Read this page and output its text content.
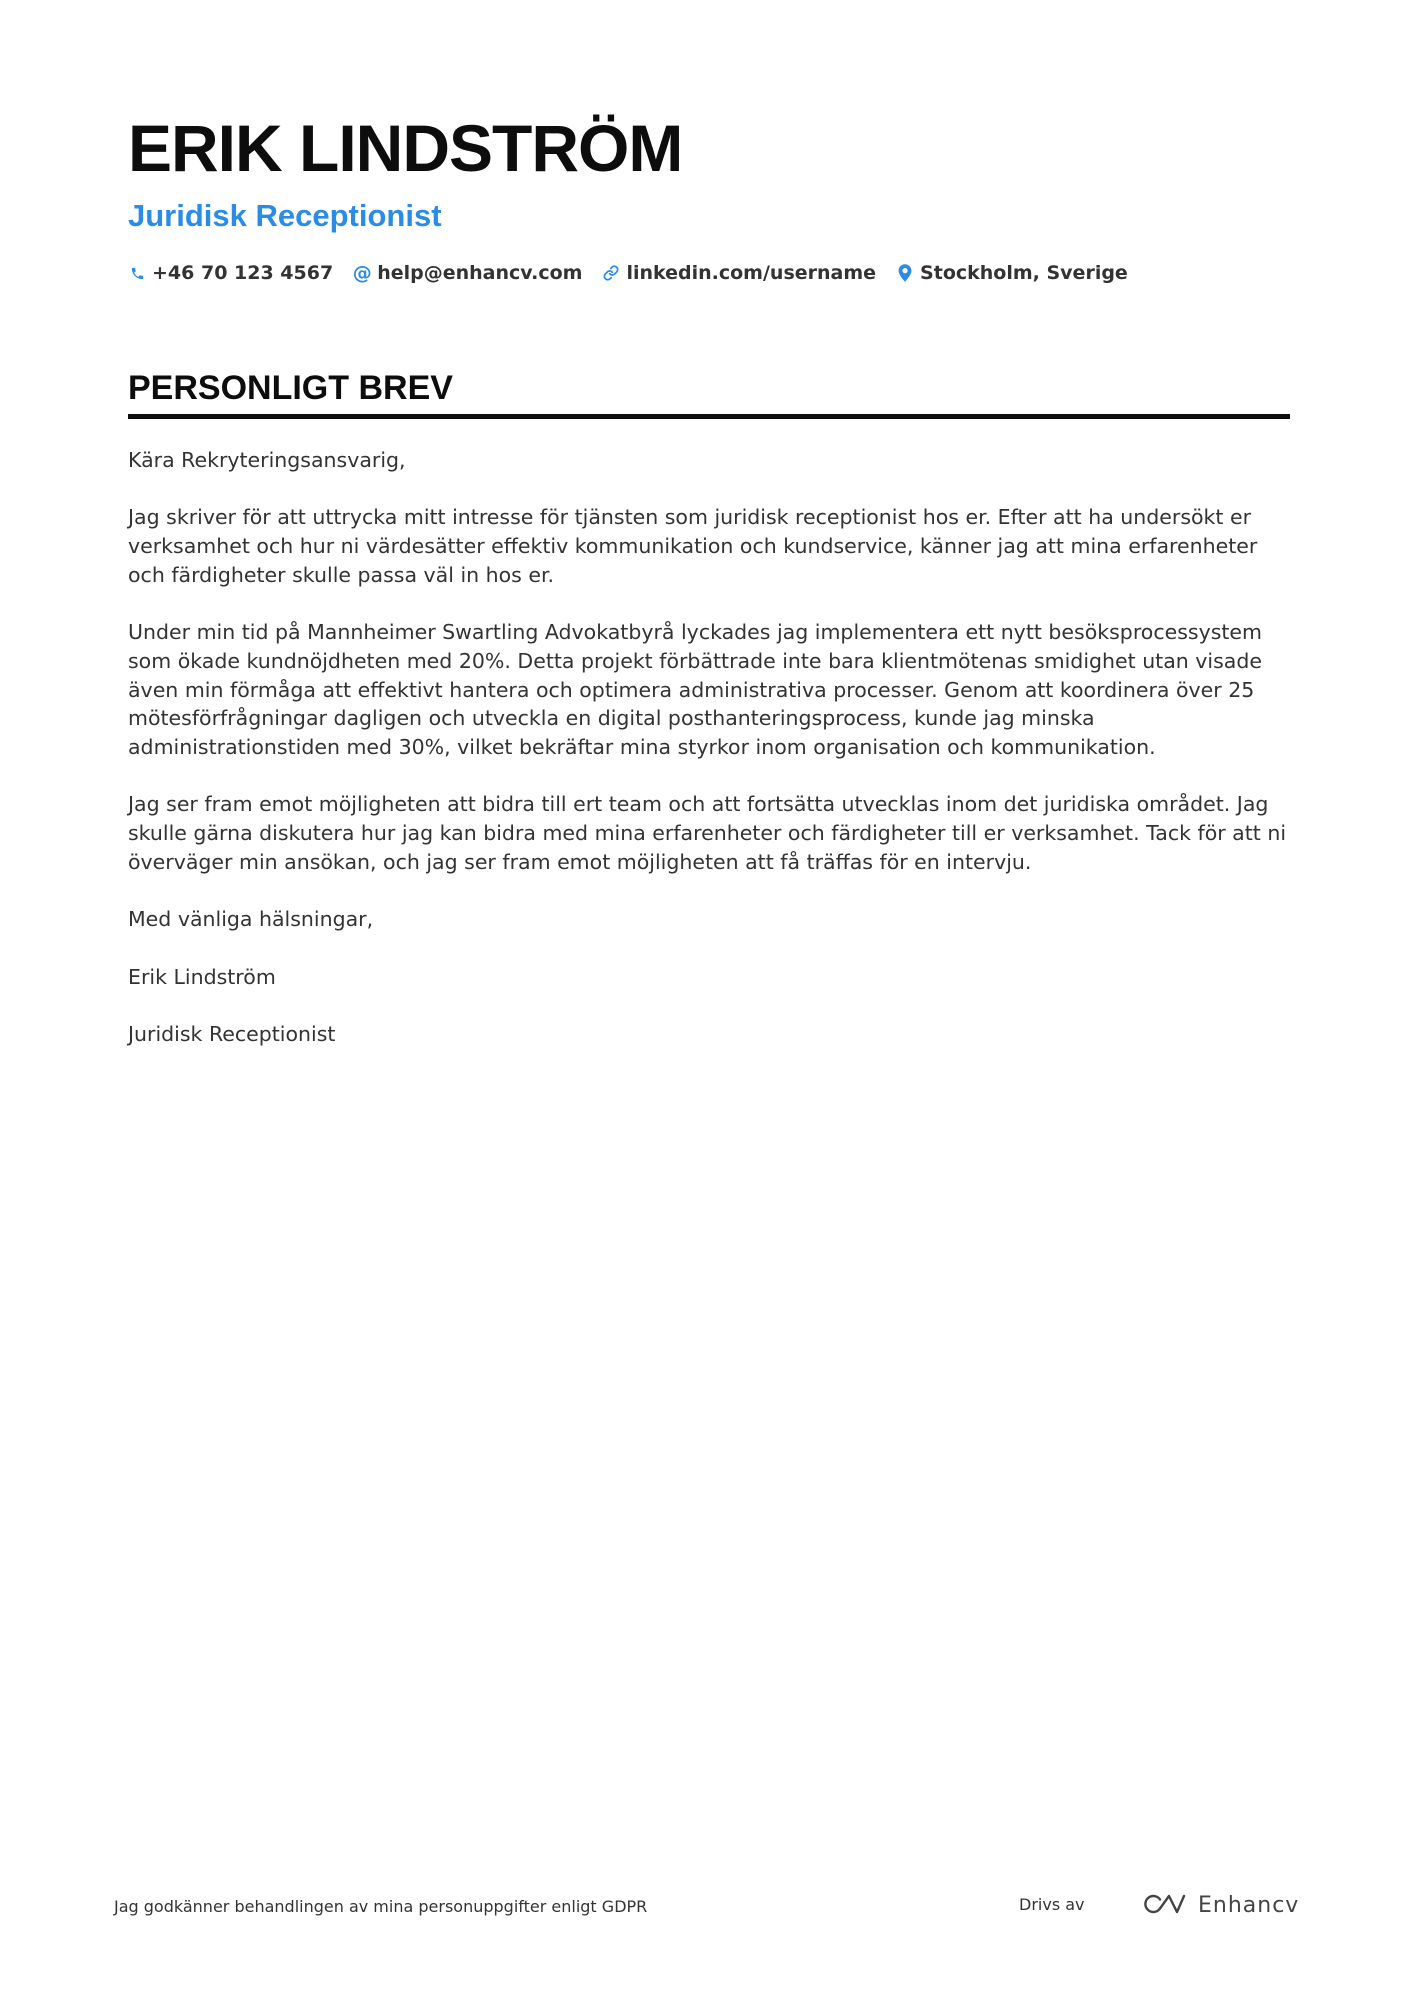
ERIK LINDSTRÖM
Juridisk Receptionist
+46 70 123 4567 @ help@enhancv.com linkedin.com/username Stockholm, Sverige
PERSONLIGT BREV

Kära Rekryteringsansvarig,

Jag skriver för att uttrycka mitt intresse för tjänsten som juridisk receptionist hos er. Efter att ha undersökt er verksamhet och hur ni värdesätter effektiv kommunikation och kundservice, känner jag att mina erfarenheter och färdigheter skulle passa väl in hos er.

Under min tid på Mannheimer Swartling Advokatbyrå lyckades jag implementera ett nytt besöksprocessystem som ökade kundnöjdheten med 20%. Detta projekt förbättrade inte bara klientmötenas smidighet utan visade även min förmåga att effektivt hantera och optimera administrativa processer. Genom att koordinera över 25 mötesförfrågningar dagligen och utveckla en digital posthanteringsprocess, kunde jag minska administrationstiden med 30%, vilket bekräftar mina styrkor inom organisation och kommunikation.

Jag ser fram emot möjligheten att bidra till ert team och att fortsätta utvecklas inom det juridiska området. Jag skulle gärna diskutera hur jag kan bidra med mina erfarenheter och färdigheter till er verksamhet. Tack för att ni överväger min ansökan, och jag ser fram emot möjligheten att få träffas för en intervju.

Med vänliga hälsningar,

Erik Lindström

Juridisk Receptionist

Jag godkänner behandlingen av mina personuppgifter enligt GDPR	Drivs av	Enhancv
